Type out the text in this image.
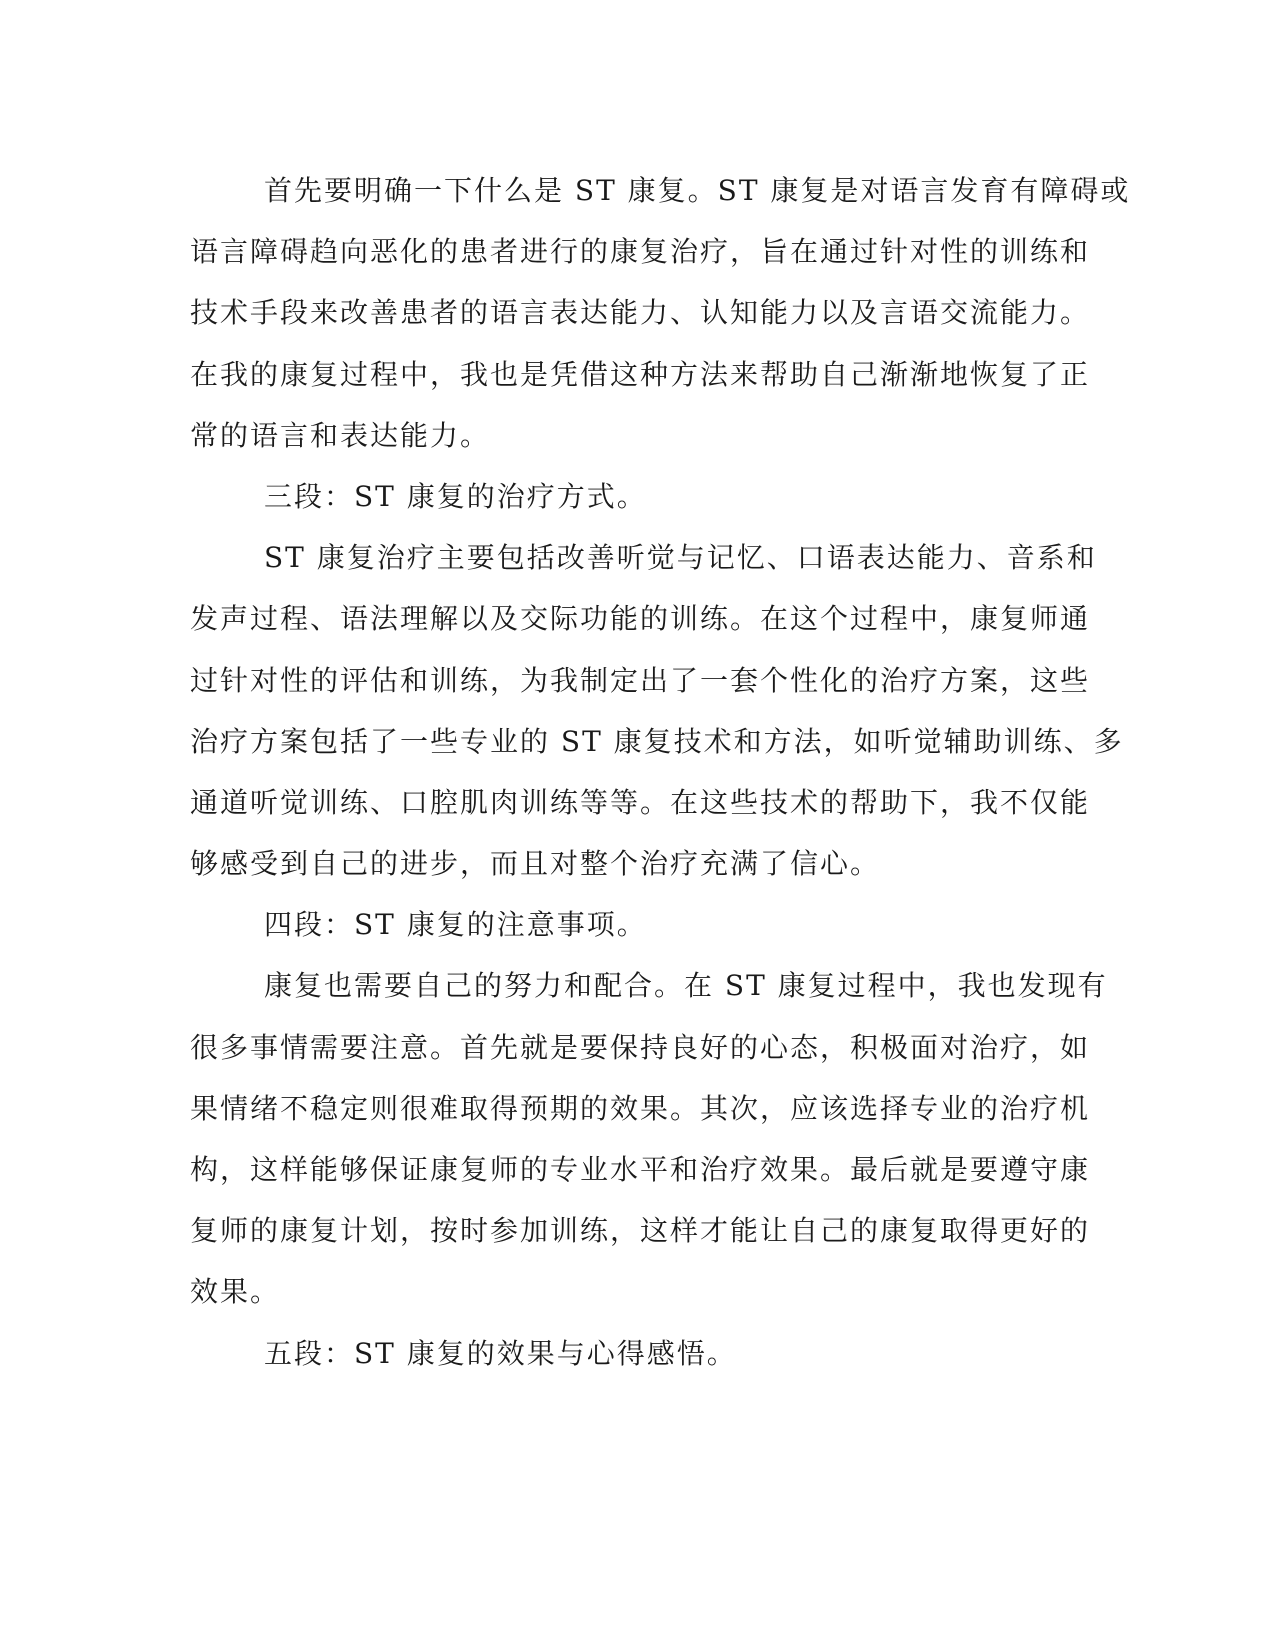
首先要明确一下什么是 ST 康复。ST 康复是对语言发育有障碍或
语言障碍趋向恶化的患者进行的康复治疗，旨在通过针对性的训练和
技术手段来改善患者的语言表达能力、认知能力以及言语交流能力。
在我的康复过程中，我也是凭借这种方法来帮助自己渐渐地恢复了正
常的语言和表达能力。
三段：ST 康复的治疗方式。
ST 康复治疗主要包括改善听觉与记忆、口语表达能力、音系和
发声过程、语法理解以及交际功能的训练。在这个过程中，康复师通
过针对性的评估和训练，为我制定出了一套个性化的治疗方案，这些
治疗方案包括了一些专业的 ST 康复技术和方法，如听觉辅助训练、多
通道听觉训练、口腔肌肉训练等等。在这些技术的帮助下，我不仅能
够感受到自己的进步，而且对整个治疗充满了信心。
四段：ST 康复的注意事项。
康复也需要自己的努力和配合。在 ST 康复过程中，我也发现有
很多事情需要注意。首先就是要保持良好的心态，积极面对治疗，如
果情绪不稳定则很难取得预期的效果。其次，应该选择专业的治疗机
构，这样能够保证康复师的专业水平和治疗效果。最后就是要遵守康
复师的康复计划，按时参加训练，这样才能让自己的康复取得更好的
效果。
五段：ST 康复的效果与心得感悟。
